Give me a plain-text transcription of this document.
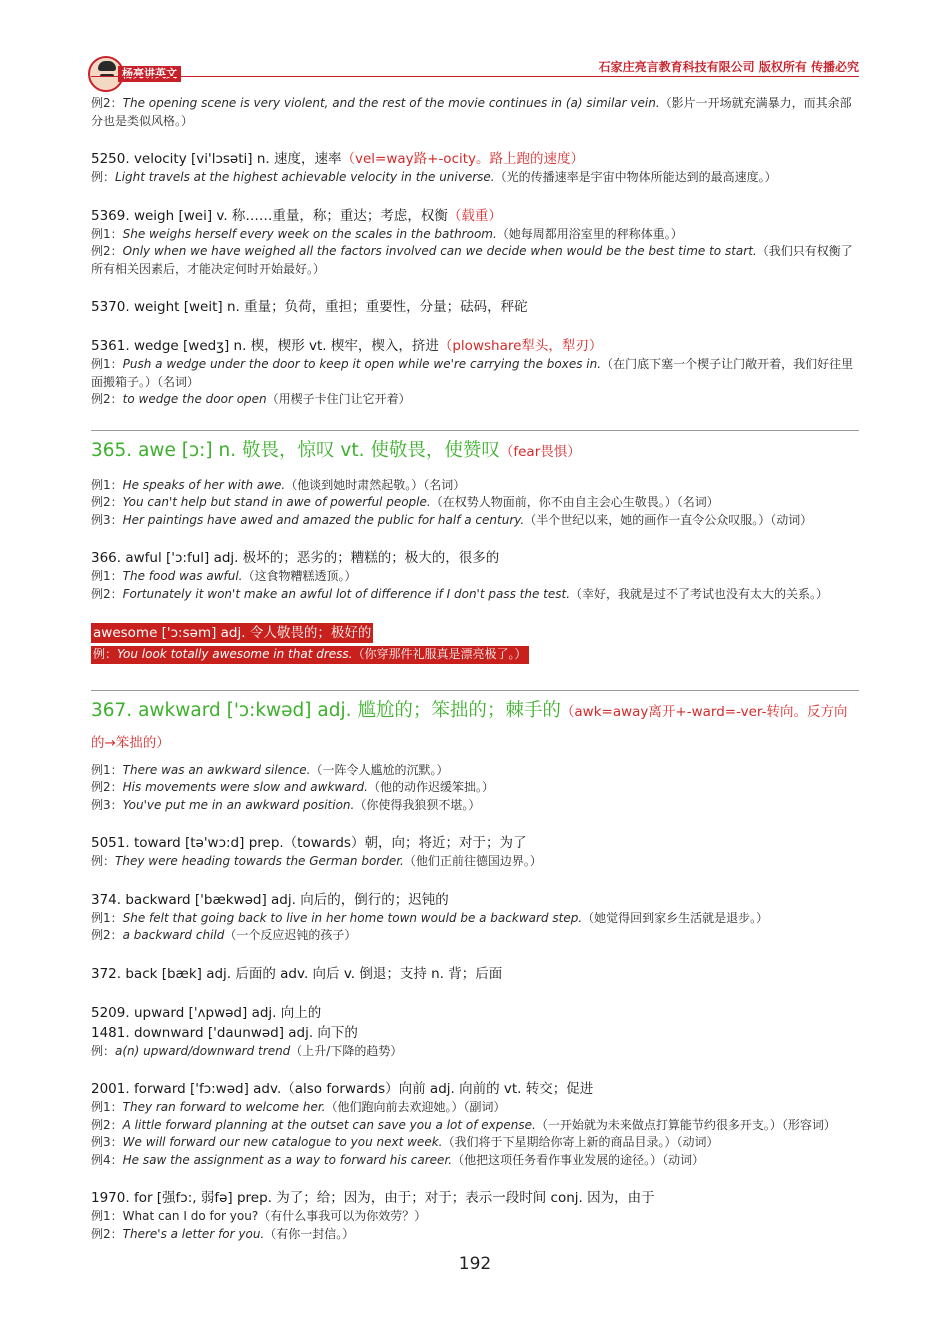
杨亮讲英文	石家庄亮言教育科技有限公司 版权所有 传播必究
例2：The opening scene is very violent, and the rest of the movie continues in (a) similar vein.（影片一开场就充满暴力，而其余部分也是类似风格。）
5250. velocity [vi'lɔsəti] n. 速度，速率（vel=way路+-ocity。路上跑的速度）
例：Light travels at the highest achievable velocity in the universe.（光的传播速率是宇宙中物体所能达到的最高速度。）
5369. weigh [wei] v. 称……重量，称；重达；考虑，权衡（载重）
例1：She weighs herself every week on the scales in the bathroom.（她每周都用浴室里的秤称体重。）
例2：Only when we have weighed all the factors involved can we decide when would be the best time to start.（我们只有权衡了所有相关因素后，才能决定何时开始最好。）
5370. weight [weit] n. 重量；负荷，重担；重要性，分量；砝码，秤砣
5361. wedge [wedʒ] n. 楔，楔形 vt. 楔牢，楔入，挤进（plowshare犁头，犁刃）
例1：Push a wedge under the door to keep it open while we're carrying the boxes in.（在门底下塞一个楔子让门敞开着，我们好往里面搬箱子。）（名词）
例2：to wedge the door open（用楔子卡住门让它开着）
365. awe [ɔ:] n. 敬畏，惊叹 vt. 使敬畏，使赞叹（fear畏惧）
例1：He speaks of her with awe.（他谈到她时肃然起敬。）（名词）
例2：You can't help but stand in awe of powerful people.（在权势人物面前，你不由自主会心生敬畏。）（名词）
例3：Her paintings have awed and amazed the public for half a century.（半个世纪以来，她的画作一直令公众叹服。）（动词）
366. awful ['ɔ:ful] adj. 极坏的；恶劣的；糟糕的；极大的，很多的
例1：The food was awful.（这食物糟糕透顶。）
例2：Fortunately it won't make an awful lot of difference if I don't pass the test.（幸好，我就是过不了考试也没有太大的关系。）
awesome ['ɔ:səm] adj. 令人敬畏的；极好的
例：You look totally awesome in that dress.（你穿那件礼服真是漂亮极了。）
367. awkward ['ɔ:kwəd] adj. 尴尬的；笨拙的；棘手的（awk=away离开+-ward=-ver-转向。反方向的→笨拙的）
例1：There was an awkward silence.（一阵令人尴尬的沉默。）
例2：His movements were slow and awkward.（他的动作迟缓笨拙。）
例3：You've put me in an awkward position.（你使得我狼狈不堪。）
5051. toward [tə'wɔ:d] prep.（towards）朝，向；将近；对于；为了
例：They were heading towards the German border.（他们正前往德国边界。）
374. backward ['bækwəd] adj. 向后的，倒行的；迟钝的
例1：She felt that going back to live in her home town would be a backward step.（她觉得回到家乡生活就是退步。）
例2：a backward child（一个反应迟钝的孩子）
372. back [bæk] adj. 后面的 adv. 向后 v. 倒退；支持 n. 背；后面
5209. upward ['ʌpwəd] adj. 向上的
1481. downward ['daunwəd] adj. 向下的
例：a(n) upward/downward trend（上升/下降的趋势）
2001. forward ['fɔ:wəd] adv.（also forwards）向前 adj. 向前的 vt. 转交；促进
例1：They ran forward to welcome her.（他们跑向前去欢迎她。）（副词）
例2：A little forward planning at the outset can save you a lot of expense.（一开始就为未来做点打算能节约很多开支。）（形容词）
例3：We will forward our new catalogue to you next week.（我们将于下星期给你寄上新的商品目录。）（动词）
例4：He saw the assignment as a way to forward his career.（他把这项任务看作事业发展的途径。）（动词）
1970. for [强fɔ:, 弱fə] prep. 为了；给；因为，由于；对于；表示一段时间 conj. 因为，由于
例1：What can I do for you?（有什么事我可以为你效劳？）
例2：There's a letter for you.（有你一封信。）
192
